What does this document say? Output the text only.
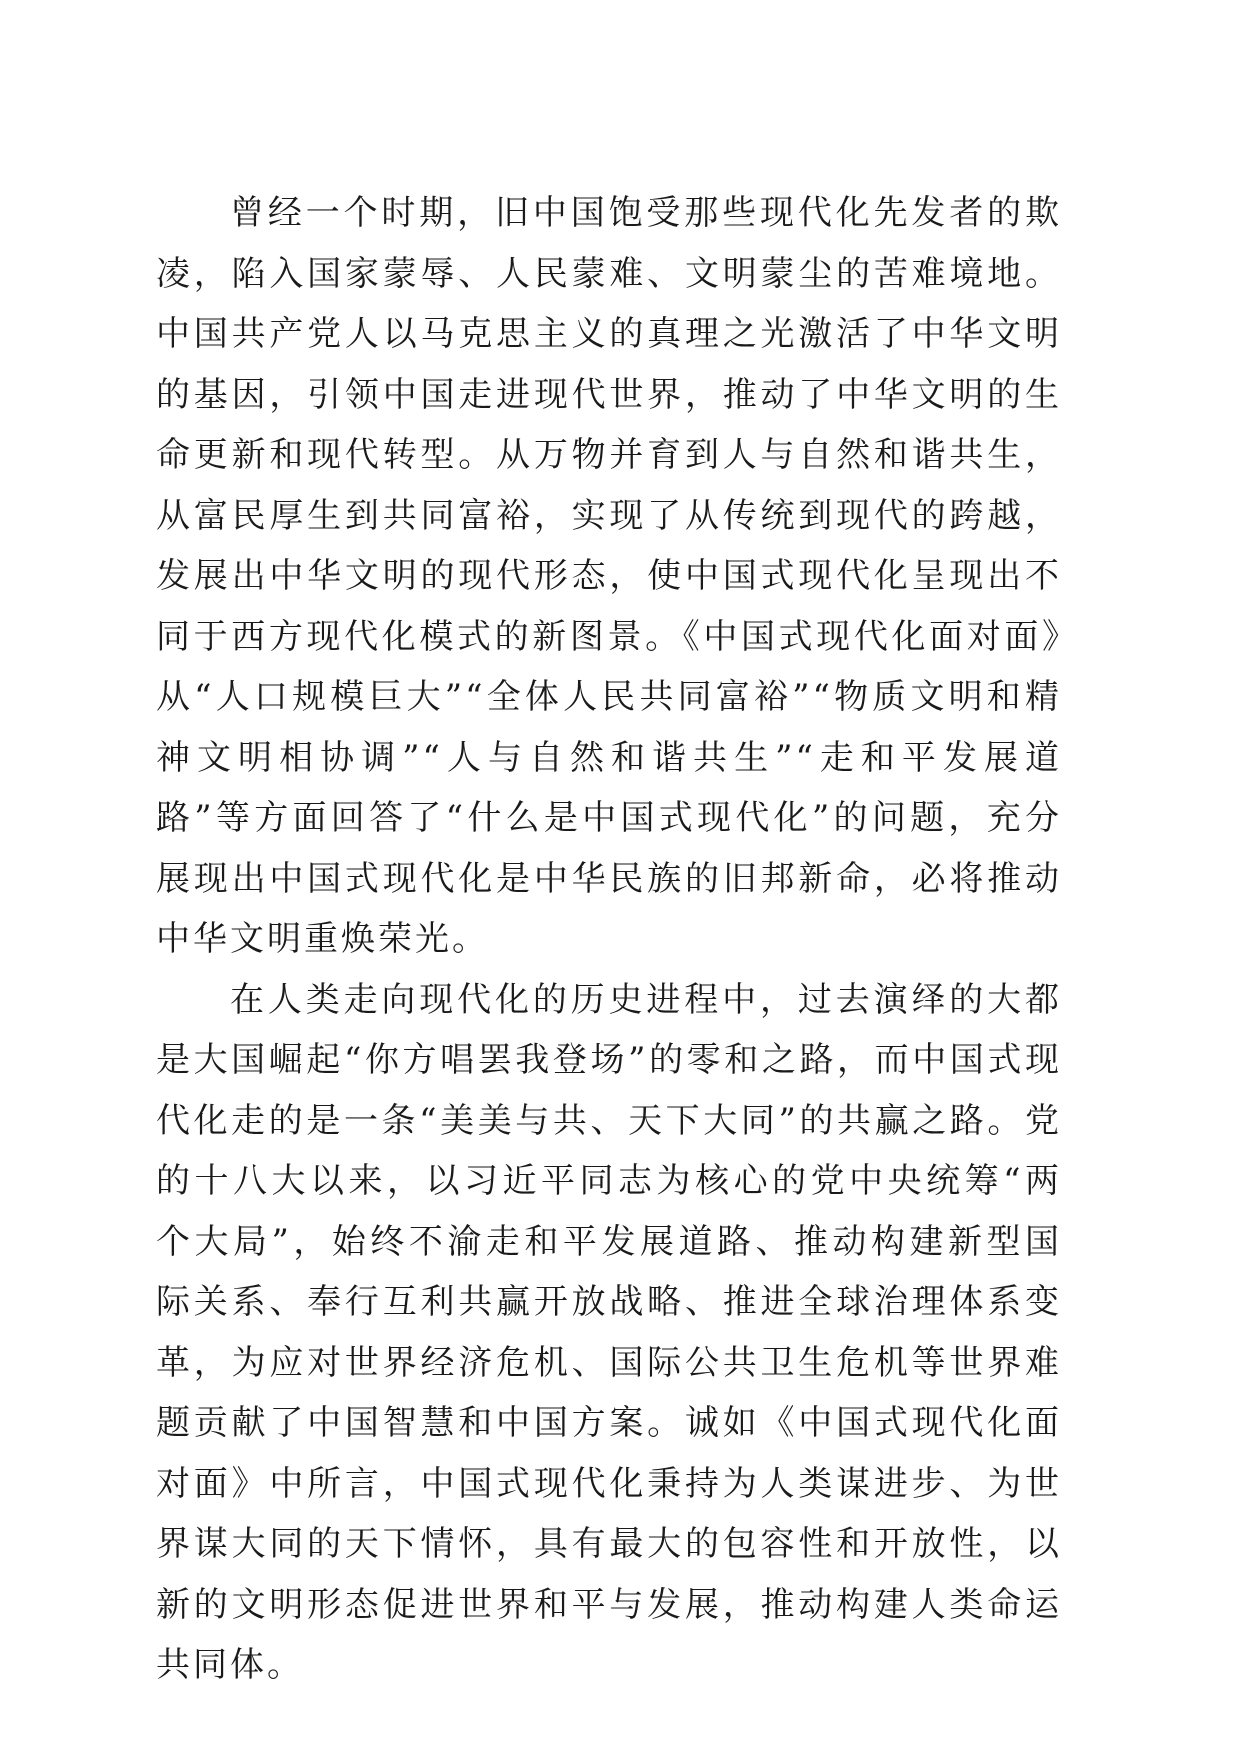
曾经一个时期，旧中国饱受那些现代化先发者的欺凌，陷入国家蒙辱、人民蒙难、文明蒙尘的苦难境地。中国共产党人以马克思主义的真理之光激活了中华文明的基因，引领中国走进现代世界，推动了中华文明的生命更新和现代转型。从万物并育到人与自然和谐共生，从富民厚生到共同富裕，实现了从传统到现代的跨越，发展出中华文明的现代形态，使中国式现代化呈现出不同于西方现代化模式的新图景。《中国式现代化面对面》从“人口规模巨大”“全体人民共同富裕”“物质文明和精神文明相协调”“人与自然和谐共生”“走和平发展道路”等方面回答了“什么是中国式现代化”的问题，充分展现出中国式现代化是中华民族的旧邦新命，必将推动中华文明重焕荣光。

在人类走向现代化的历史进程中，过去演绎的大都是大国崛起“你方唱罢我登场”的零和之路，而中国式现代化走的是一条“美美与共、天下大同”的共赢之路。党的十八大以来，以习近平同志为核心的党中央统筹“两个大局”，始终不渝走和平发展道路、推动构建新型国际关系、奉行互利共赢开放战略、推进全球治理体系变革，为应对世界经济危机、国际公共卫生危机等世界难题贡献了中国智慧和中国方案。诚如《中国式现代化面对面》中所言，中国式现代化秉持为人类谋进步、为世界谋大同的天下情怀，具有最大的包容性和开放性，以新的文明形态促进世界和平与发展，推动构建人类命运共同体。
